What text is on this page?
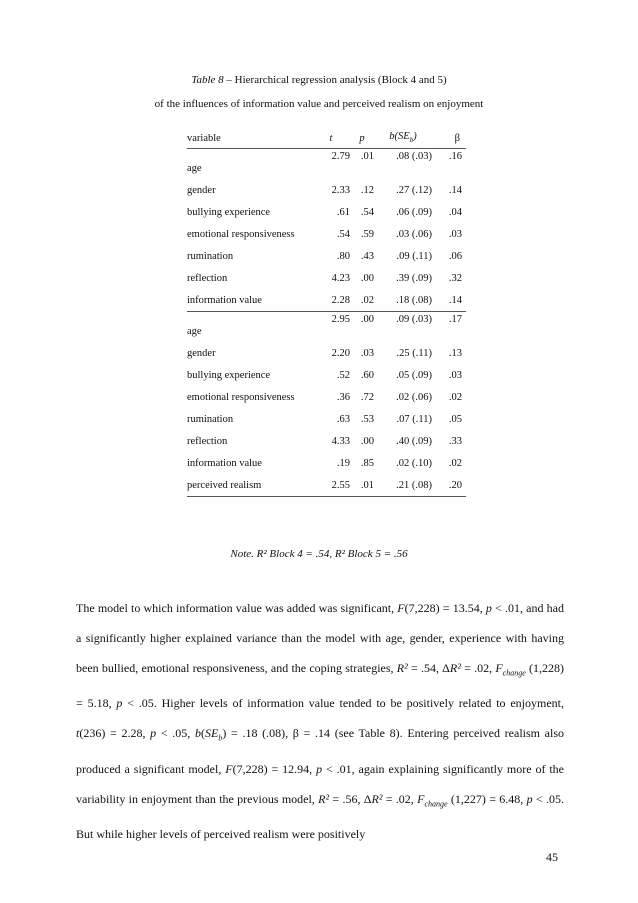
Table 8 – Hierarchical regression analysis (Block 4 and 5)
of the influences of information value and perceived realism on enjoyment
variable	t	p	$b(SE_b)$	β
age	2.79	.01	.08 (.03)	.16
gender	2.33	.12	.27 (.12)	.14
bullying experience	.61	.54	.06 (.09)	.04
emotional responsiveness	.54	.59	.03 (.06)	.03
rumination	.80	.43	.09 (.11)	.06
reflection	4.23	.00	.39 (.09)	.32
information value	2.28	.02	.18 (.08)	.14
age	2.95	.00	.09 (.03)	.17
gender	2.20	.03	.25 (.11)	.13
bullying experience	.52	.60	.05 (.09)	.03
emotional responsiveness	.36	.72	.02 (.06)	.02
rumination	.63	.53	.07 (.11)	.05
reflection	4.33	.00	.40 (.09)	.33
information value	.19	.85	.02 (.10)	.02
perceived realism	2.55	.01	.21 (.08)	.20
Note. R² Block 4 = .54, R² Block 5 = .56

The model to which information value was added was significant, F(7,228) = 13.54, p < .01, and had a significantly higher explained variance than the model with age, gender, experience with having been bullied, emotional responsiveness, and the coping strategies, R² = .54, ΔR² = .02, $F_{change}$ (1,228) = 5.18, p < .05. Higher levels of information value tended to be positively related to enjoyment, t(236) = 2.28, p < .05, $b(SE_b) = .18$ (.08), β = .14 (see Table 8). Entering perceived realism also produced a significant model, F(7,228) = 12.94, p < .01, again explaining significantly more of the variability in enjoyment than the previous model, R² = .56, ΔR² = .02, $F_{change}$ (1,227) = 6.48, p < .05. But while higher levels of perceived realism were positively

45
